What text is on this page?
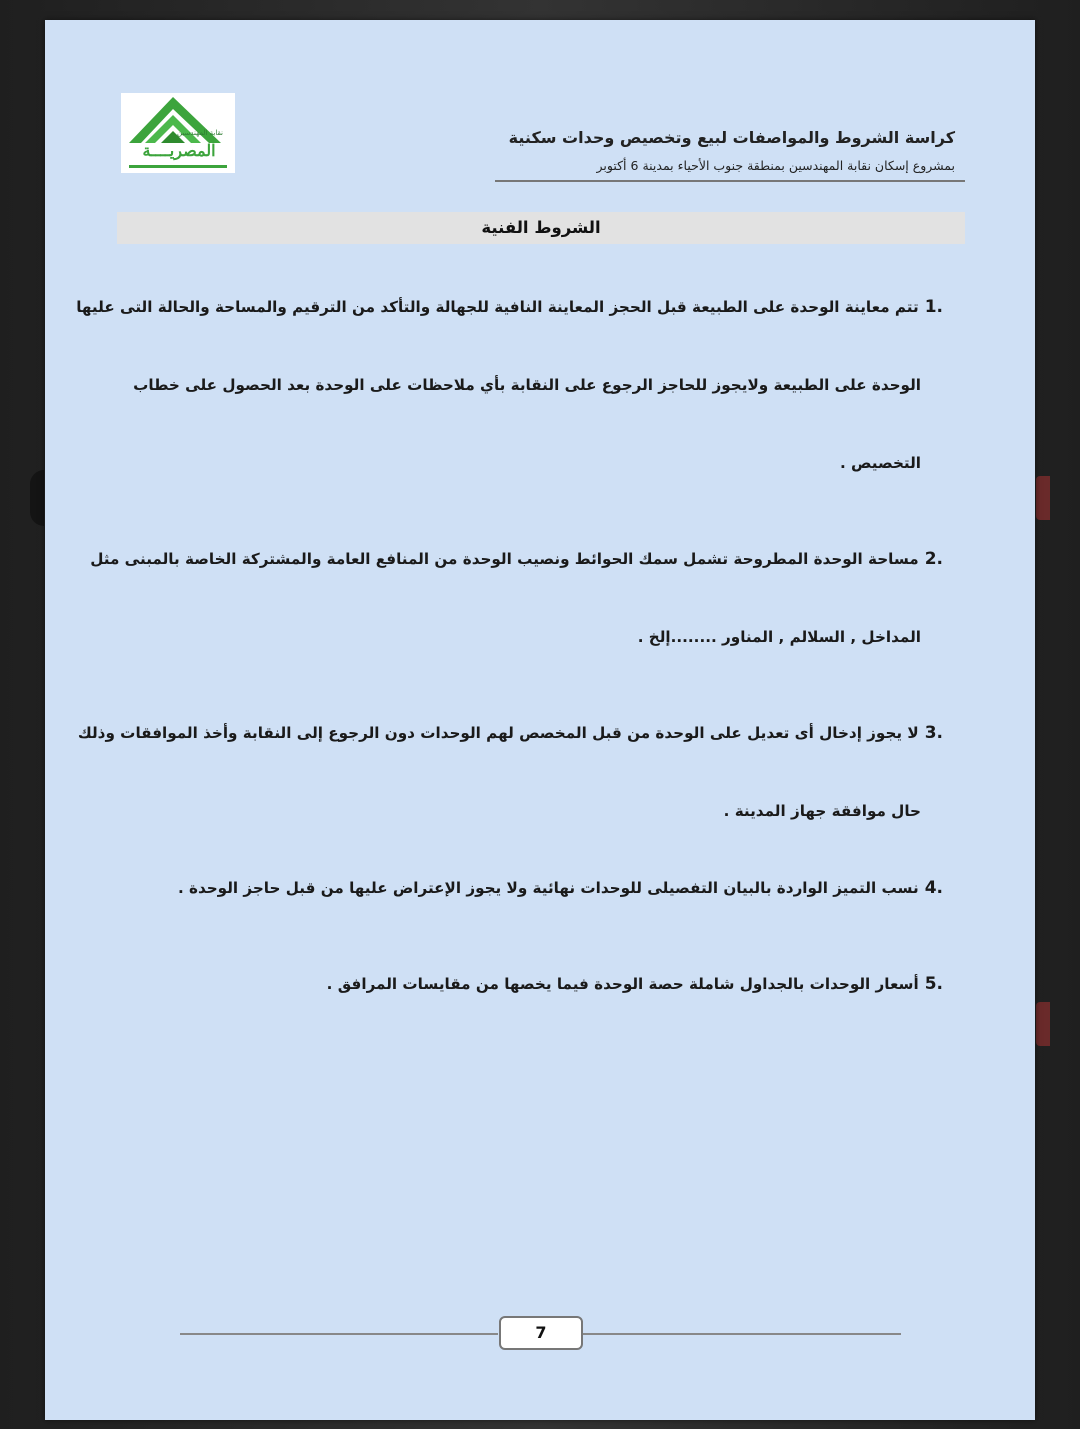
نقابة المهندسين
المصريــــة
كراسة الشروط والمواصفات لبيع وتخصيص وحدات سكنية
بمشروع إسكان نقابة المهندسين بمنطقة جنوب الأحياء بمدينة 6 أكتوبر
الشروط الفنية
1.تتم معاينة الوحدة على الطبيعة قبل الحجز المعاينة النافية للجهالة والتأكد من الترقيم والمساحة والحالة التى عليها
الوحدة على الطبيعة ولايجوز للحاجز الرجوع على النقابة بأي ملاحظات على الوحدة بعد الحصول على خطاب
التخصيص .
2.مساحة الوحدة المطروحة تشمل سمك الحوائط ونصيب الوحدة من المنافع العامة والمشتركة الخاصة بالمبنى مثل
المداخل , السلالم , المناور ........إلخ .
3.لا يجوز إدخال أى تعديل على الوحدة من قبل المخصص لهم الوحدات دون الرجوع إلى النقابة وأخذ الموافقات وذلك
حال موافقة جهاز المدينة .
4.نسب التميز الواردة بالبيان التفصيلى للوحدات نهائية ولا يجوز الإعتراض عليها من قبل حاجز الوحدة .
5.أسعار الوحدات بالجداول شاملة حصة الوحدة فيما يخصها من مقايسات المرافق .
7
